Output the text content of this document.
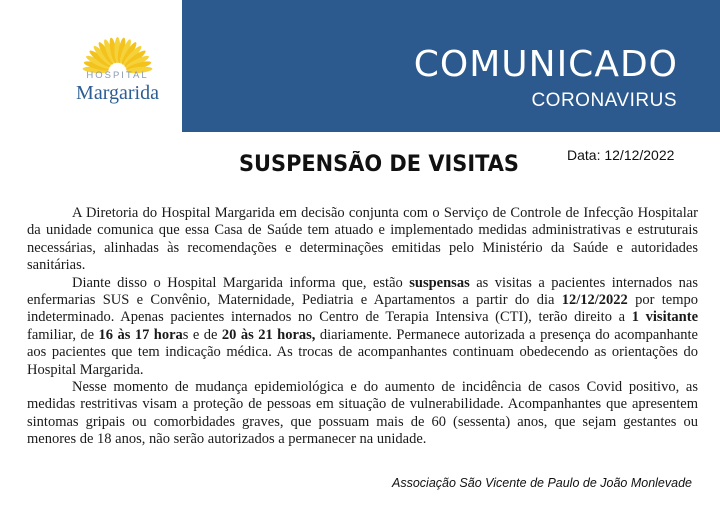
HOSPITAL
Margarida
COMUNICADO
CORONAVIRUS
SUSPENSÃO DE VISITAS	Data: 12/12/2022

A Diretoria do Hospital Margarida em decisão conjunta com o Serviço de Controle de Infecção Hospitalar da unidade comunica que essa Casa de Saúde tem atuado e implementado medidas administrativas e estruturais necessárias, alinhadas às recomendações e determinações emitidas pelo Ministério da Saúde e autoridades sanitárias.

Diante disso o Hospital Margarida informa que, estão suspensas as visitas a pacientes internados nas enfermarias SUS e Convênio, Maternidade, Pediatria e Apartamentos a partir do dia 12/12/2022 por tempo indeterminado. Apenas pacientes internados no Centro de Terapia Intensiva (CTI), terão direito a 1 visitante familiar, de 16 às 17 horas e de 20 às 21 horas, diariamente. Permanece autorizada a presença do acompanhante aos pacientes que tem indicação médica. As trocas de acompanhantes continuam obedecendo as orientações do Hospital Margarida.

Nesse momento de mudança epidemiológica e do aumento de incidência de casos Covid positivo, as medidas restritivas visam a proteção de pessoas em situação de vulnerabilidade. Acompanhantes que apresentem sintomas gripais ou comorbidades graves, que possuam mais de 60 (sessenta) anos, que sejam gestantes ou menores de 18 anos, não serão autorizados a permanecer na unidade.

Associação São Vicente de Paulo de João Monlevade
